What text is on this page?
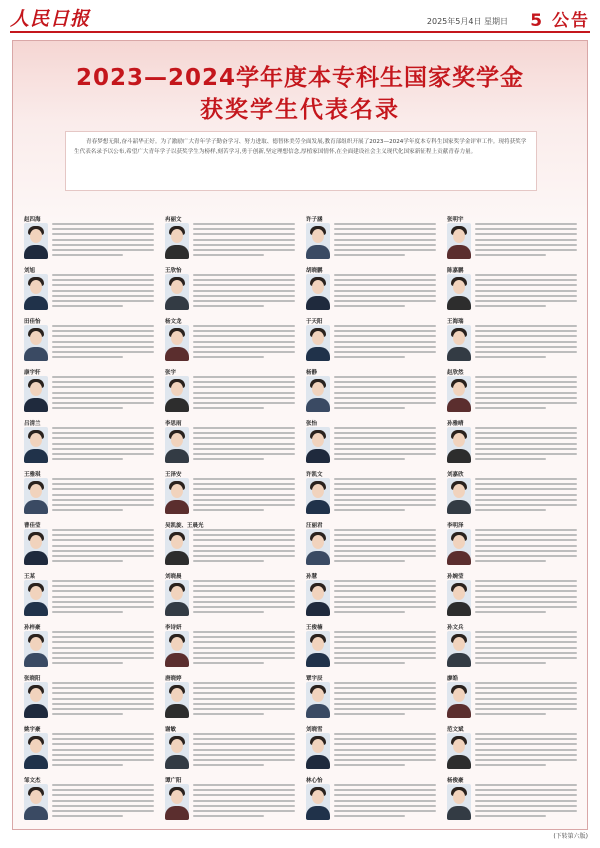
人民日报	2025年5月4日 星期日 5 公告
2023—2024学年度本专科生国家奖学金
获奖学生代表名录

青春梦想无限,奋斗韶华正好。为了激励广大青年学子勤奋学习、努力进取、德智体美劳全面发展,教育部组织开展了2023—2024学年度本专科生国家奖学金评审工作。现将获奖学生代表名录予以公布,希望广大青年学子以获奖学生为榜样,刻苦学习,勇于创新,坚定理想信念,厚植家国情怀,在全面建设社会主义现代化国家新征程上贡献青春力量。

赵四海	冉丽文	许子涵	张明宇
刘旭	王欣怡	胡晓鹏	陈嘉鹏
田佳怡	杨文龙	于天阳	王海瑞
康宇轩	张宇	杨静	赵欣然
吕清兰	李思雨	张怡	孙雅晴
王雅琪	王泽安	许凯文	刘嘉欣
曹佳莹	吴凯旋、王晨光	汪丽君	李明泽
王某	刘晓晨	孙慧	孙婉莹
孙梓豪	李诗妍	王俊楠	孙文兵
张晓阳	唐晓婷	覃宇辰	廖皓
姚宇豪	谢敏	刘晓雪	范文斌
邹文杰	谭广阳	林心怡	杨俊豪
(下转第六版)
